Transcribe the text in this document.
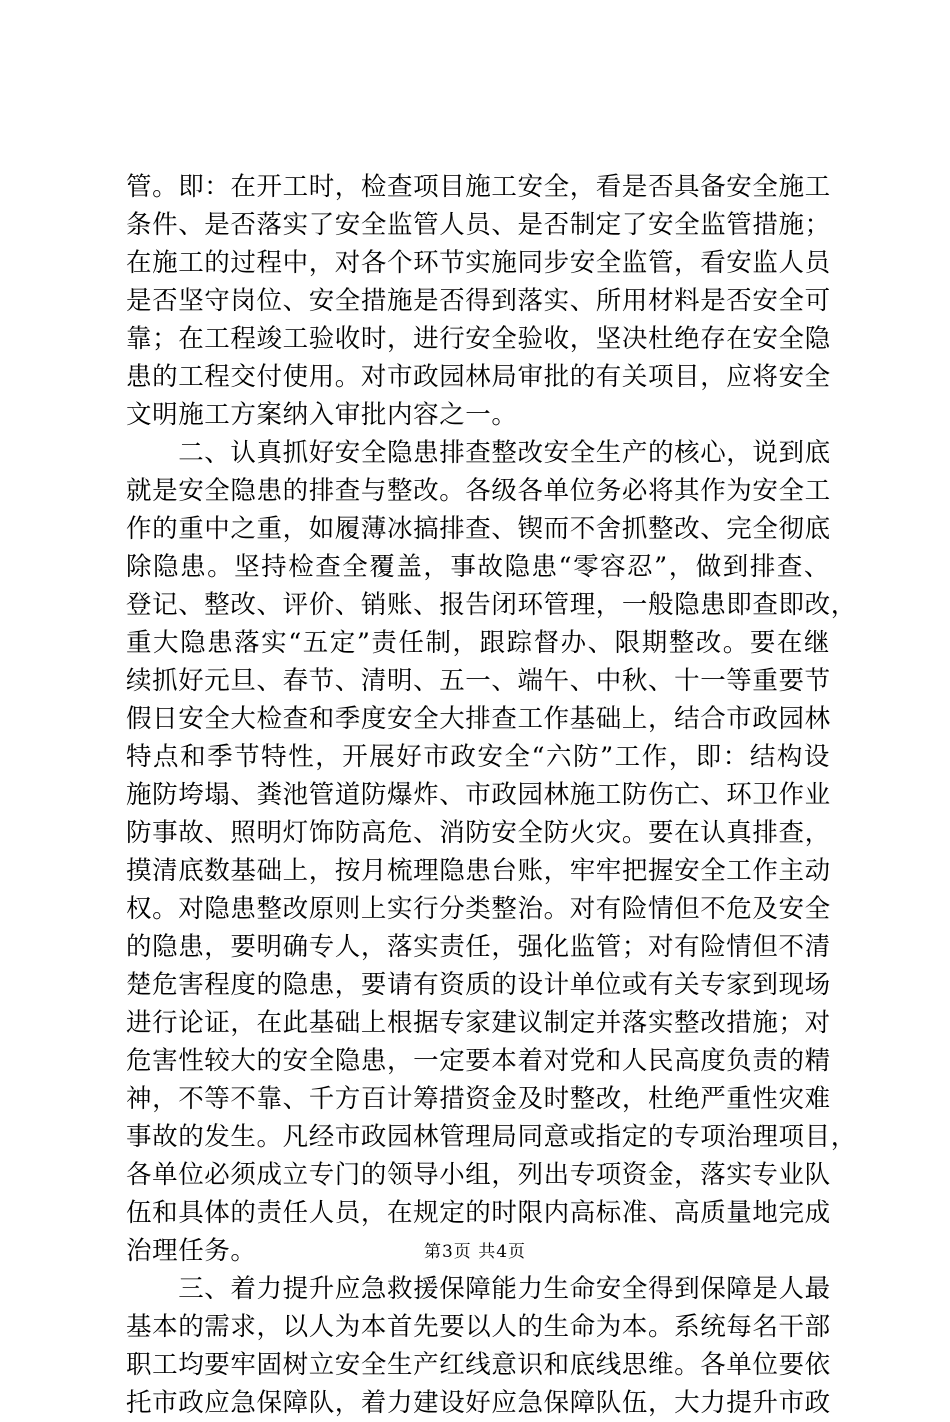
管。即：在开工时，检查项目施工安全，看是否具备安全施工
条件、是否落实了安全监管人员、是否制定了安全监管措施；
在施工的过程中，对各个环节实施同步安全监管，看安监人员
是否坚守岗位、安全措施是否得到落实、所用材料是否安全可
靠；在工程竣工验收时，进行安全验收，坚决杜绝存在安全隐
患的工程交付使用。对市政园林局审批的有关项目，应将安全
文明施工方案纳入审批内容之一。
　　二、认真抓好安全隐患排查整改安全生产的核心，说到底
就是安全隐患的排查与整改。各级各单位务必将其作为安全工
作的重中之重，如履薄冰搞排查、锲而不舍抓整改、完全彻底
除隐患。坚持检查全覆盖，事故隐患“零容忍”，做到排查、
登记、整改、评价、销账、报告闭环管理，一般隐患即查即改，
重大隐患落实“五定”责任制，跟踪督办、限期整改。要在继
续抓好元旦、春节、清明、五一、端午、中秋、十一等重要节
假日安全大检查和季度安全大排查工作基础上，结合市政园林
特点和季节特性，开展好市政安全“六防”工作，即：结构设
施防垮塌、粪池管道防爆炸、市政园林施工防伤亡、环卫作业
防事故、照明灯饰防高危、消防安全防火灾。要在认真排查，
摸清底数基础上，按月梳理隐患台账，牢牢把握安全工作主动
权。对隐患整改原则上实行分类整治。对有险情但不危及安全
的隐患，要明确专人，落实责任，强化监管；对有险情但不清
楚危害程度的隐患，要请有资质的设计单位或有关专家到现场
进行论证，在此基础上根据专家建议制定并落实整改措施；对
危害性较大的安全隐患，一定要本着对党和人民高度负责的精
神，不等不靠、千方百计筹措资金及时整改，杜绝严重性灾难
事故的发生。凡经市政园林管理局同意或指定的专项治理项目，
各单位必须成立专门的领导小组，列出专项资金，落实专业队
伍和具体的责任人员，在规定的时限内高标准、高质量地完成
治理任务。
　　三、着力提升应急救援保障能力生命安全得到保障是人最
基本的需求，以人为本首先要以人的生命为本。系统每名干部
职工均要牢固树立安全生产红线意识和底线思维。各单位要依
托市政应急保障队，着力建设好应急保障队伍，大力提升市政
第3页 共4页
